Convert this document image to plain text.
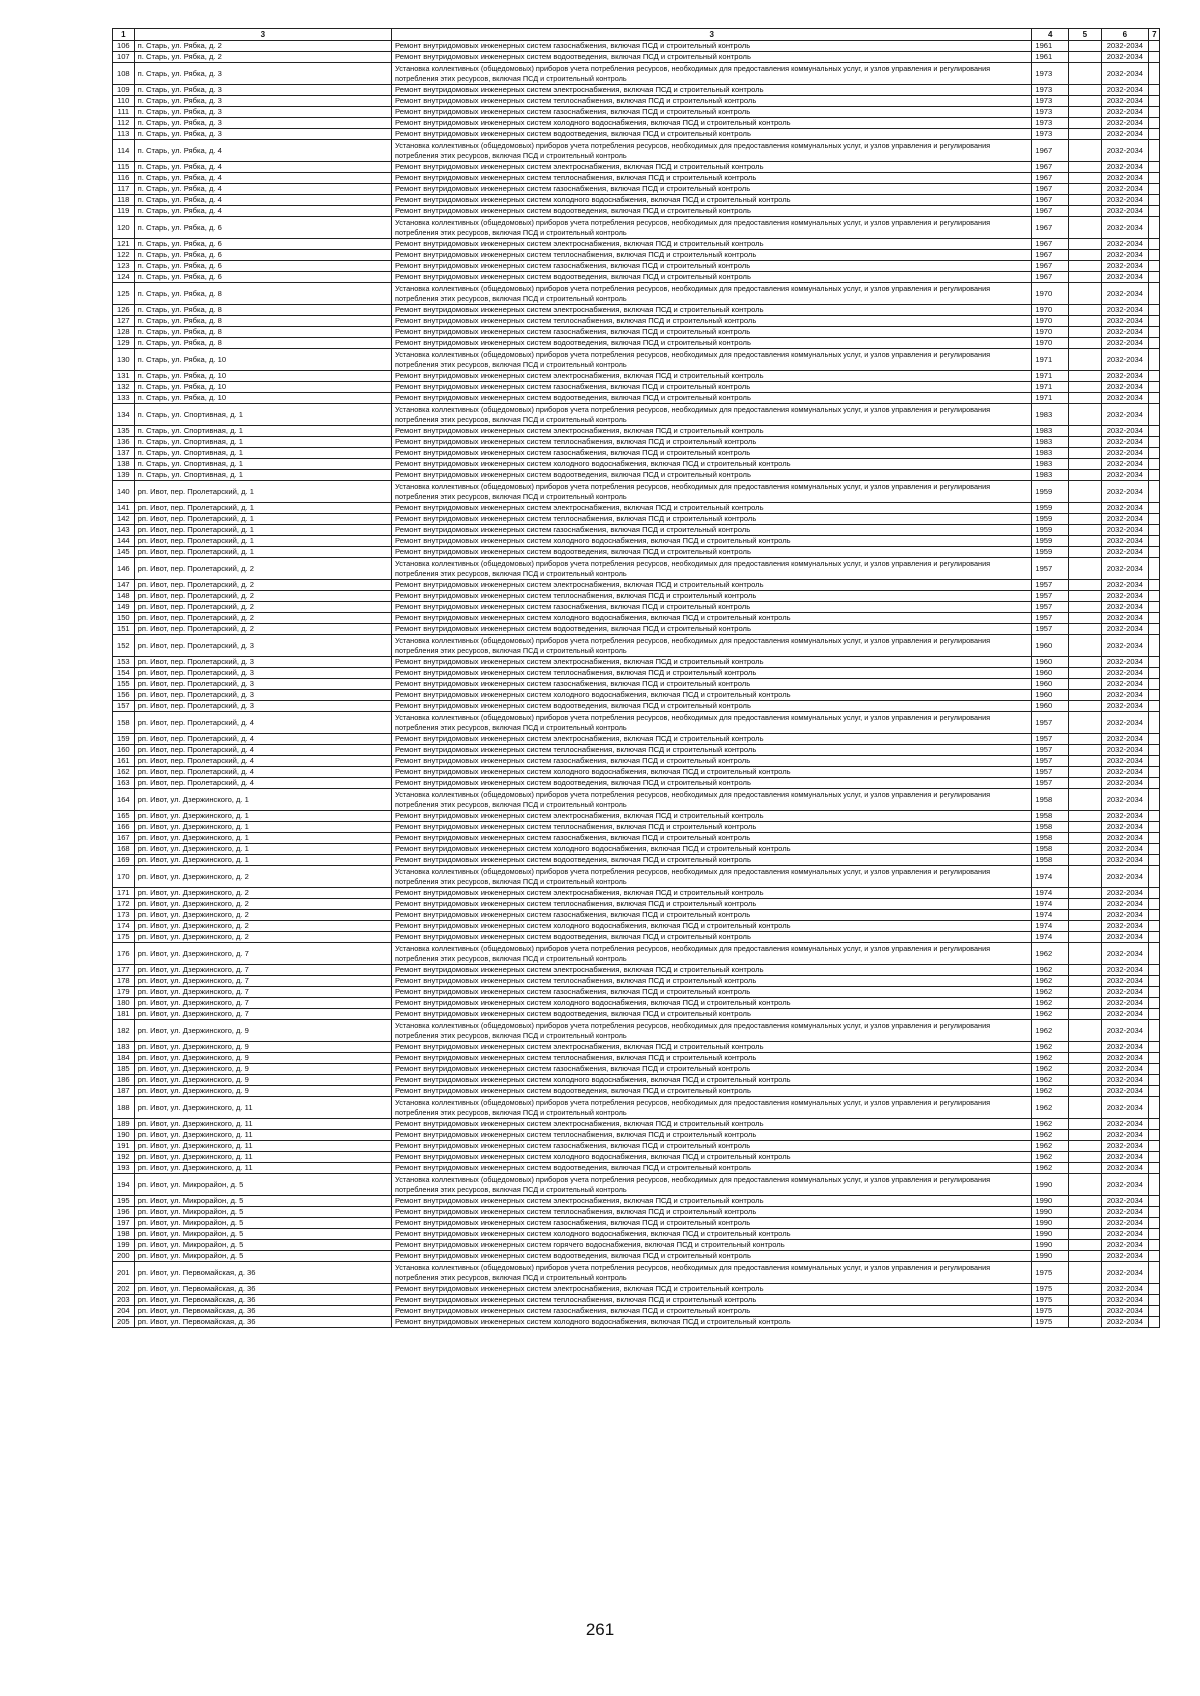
1	3	3	4	5	6	7
106	п. Старь, ул. Рябка, д. 2	Ремонт внутридомовых инженерных систем газоснабжения, включая ПСД и строительный контроль	1961		2032-2034	
107	п. Старь, ул. Рябка, д. 2	Ремонт внутридомовых инженерных систем водоотведения, включая ПСД и строительный контроль	1961		2032-2034	
108	п. Старь, ул. Рябка, д. 3	Установка коллективных (общедомовых) приборов учета потребления ресурсов, необходимых для предоставления коммунальных услуг, и узлов управления и регулирования потребления этих ресурсов, включая ПСД и строительный контроль	1973		2032-2034	
109	п. Старь, ул. Рябка, д. 3	Ремонт внутридомовых инженерных систем электроснабжения, включая ПСД и строительный контроль	1973		2032-2034	
110	п. Старь, ул. Рябка, д. 3	Ремонт внутридомовых инженерных систем теплоснабжения, включая ПСД и строительный контроль	1973		2032-2034	
111	п. Старь, ул. Рябка, д. 3	Ремонт внутридомовых инженерных систем газоснабжения, включая ПСД и строительный контроль	1973		2032-2034	
112	п. Старь, ул. Рябка, д. 3	Ремонт внутридомовых инженерных систем холодного водоснабжения, включая ПСД и строительный контроль	1973		2032-2034	
113	п. Старь, ул. Рябка, д. 3	Ремонт внутридомовых инженерных систем водоотведения, включая ПСД и строительный контроль	1973		2032-2034	
114	п. Старь, ул. Рябка, д. 4	Установка коллективных (общедомовых) приборов учета потребления ресурсов, необходимых для предоставления коммунальных услуг, и узлов управления и регулирования потребления этих ресурсов, включая ПСД и строительный контроль	1967		2032-2034	
115	п. Старь, ул. Рябка, д. 4	Ремонт внутридомовых инженерных систем электроснабжения, включая ПСД и строительный контроль	1967		2032-2034	
116	п. Старь, ул. Рябка, д. 4	Ремонт внутридомовых инженерных систем теплоснабжения, включая ПСД и строительный контроль	1967		2032-2034	
117	п. Старь, ул. Рябка, д. 4	Ремонт внутридомовых инженерных систем газоснабжения, включая ПСД и строительный контроль	1967		2032-2034	
118	п. Старь, ул. Рябка, д. 4	Ремонт внутридомовых инженерных систем холодного водоснабжения, включая ПСД и строительный контроль	1967		2032-2034	
119	п. Старь, ул. Рябка, д. 4	Ремонт внутридомовых инженерных систем водоотведения, включая ПСД и строительный контроль	1967		2032-2034	
120	п. Старь, ул. Рябка, д. 6	Установка коллективных (общедомовых) приборов учета потребления ресурсов, необходимых для предоставления коммунальных услуг, и узлов управления и регулирования потребления этих ресурсов, включая ПСД и строительный контроль	1967		2032-2034	
121	п. Старь, ул. Рябка, д. 6	Ремонт внутридомовых инженерных систем электроснабжения, включая ПСД и строительный контроль	1967		2032-2034	
122	п. Старь, ул. Рябка, д. 6	Ремонт внутридомовых инженерных систем теплоснабжения, включая ПСД и строительный контроль	1967		2032-2034	
123	п. Старь, ул. Рябка, д. 6	Ремонт внутридомовых инженерных систем газоснабжения, включая ПСД и строительный контроль	1967		2032-2034	
124	п. Старь, ул. Рябка, д. 6	Ремонт внутридомовых инженерных систем водоотведения, включая ПСД и строительный контроль	1967		2032-2034	
125	п. Старь, ул. Рябка, д. 8	Установка коллективных (общедомовых) приборов учета потребления ресурсов, необходимых для предоставления коммунальных услуг, и узлов управления и регулирования потребления этих ресурсов, включая ПСД и строительный контроль	1970		2032-2034	
126	п. Старь, ул. Рябка, д. 8	Ремонт внутридомовых инженерных систем электроснабжения, включая ПСД и строительный контроль	1970		2032-2034	
127	п. Старь, ул. Рябка, д. 8	Ремонт внутридомовых инженерных систем теплоснабжения, включая ПСД и строительный контроль	1970		2032-2034	
128	п. Старь, ул. Рябка, д. 8	Ремонт внутридомовых инженерных систем газоснабжения, включая ПСД и строительный контроль	1970		2032-2034	
129	п. Старь, ул. Рябка, д. 8	Ремонт внутридомовых инженерных систем водоотведения, включая ПСД и строительный контроль	1970		2032-2034	
130	п. Старь, ул. Рябка, д. 10	Установка коллективных (общедомовых) приборов учета потребления ресурсов, необходимых для предоставления коммунальных услуг, и узлов управления и регулирования потребления этих ресурсов, включая ПСД и строительный контроль	1971		2032-2034	
131	п. Старь, ул. Рябка, д. 10	Ремонт внутридомовых инженерных систем электроснабжения, включая ПСД и строительный контроль	1971		2032-2034	
132	п. Старь, ул. Рябка, д. 10	Ремонт внутридомовых инженерных систем газоснабжения, включая ПСД и строительный контроль	1971		2032-2034	
133	п. Старь, ул. Рябка, д. 10	Ремонт внутридомовых инженерных систем водоотведения, включая ПСД и строительный контроль	1971		2032-2034	
134	п. Старь, ул. Спортивная, д. 1	Установка коллективных (общедомовых) приборов учета потребления ресурсов, необходимых для предоставления коммунальных услуг, и узлов управления и регулирования потребления этих ресурсов, включая ПСД и строительный контроль	1983		2032-2034	
135	п. Старь, ул. Спортивная, д. 1	Ремонт внутридомовых инженерных систем электроснабжения, включая ПСД и строительный контроль	1983		2032-2034	
136	п. Старь, ул. Спортивная, д. 1	Ремонт внутридомовых инженерных систем теплоснабжения, включая ПСД и строительный контроль	1983		2032-2034	
137	п. Старь, ул. Спортивная, д. 1	Ремонт внутридомовых инженерных систем газоснабжения, включая ПСД и строительный контроль	1983		2032-2034	
138	п. Старь, ул. Спортивная, д. 1	Ремонт внутридомовых инженерных систем холодного водоснабжения, включая ПСД и строительный контроль	1983		2032-2034	
139	п. Старь, ул. Спортивная, д. 1	Ремонт внутридомовых инженерных систем водоотведения, включая ПСД и строительный контроль	1983		2032-2034	
140	рп. Ивот, пер. Пролетарский, д. 1	Установка коллективных (общедомовых) приборов учета потребления ресурсов, необходимых для предоставления коммунальных услуг, и узлов управления и регулирования потребления этих ресурсов, включая ПСД и строительный контроль	1959		2032-2034	
141	рп. Ивот, пер. Пролетарский, д. 1	Ремонт внутридомовых инженерных систем электроснабжения, включая ПСД и строительный контроль	1959		2032-2034	
142	рп. Ивот, пер. Пролетарский, д. 1	Ремонт внутридомовых инженерных систем теплоснабжения, включая ПСД и строительный контроль	1959		2032-2034	
143	рп. Ивот, пер. Пролетарский, д. 1	Ремонт внутридомовых инженерных систем газоснабжения, включая ПСД и строительный контроль	1959		2032-2034	
144	рп. Ивот, пер. Пролетарский, д. 1	Ремонт внутридомовых инженерных систем холодного водоснабжения, включая ПСД и строительный контроль	1959		2032-2034	
145	рп. Ивот, пер. Пролетарский, д. 1	Ремонт внутридомовых инженерных систем водоотведения, включая ПСД и строительный контроль	1959		2032-2034	
146	рп. Ивот, пер. Пролетарский, д. 2	Установка коллективных (общедомовых) приборов учета потребления ресурсов, необходимых для предоставления коммунальных услуг, и узлов управления и регулирования потребления этих ресурсов, включая ПСД и строительный контроль	1957		2032-2034	
147	рп. Ивот, пер. Пролетарский, д. 2	Ремонт внутридомовых инженерных систем электроснабжения, включая ПСД и строительный контроль	1957		2032-2034	
148	рп. Ивот, пер. Пролетарский, д. 2	Ремонт внутридомовых инженерных систем теплоснабжения, включая ПСД и строительный контроль	1957		2032-2034	
149	рп. Ивот, пер. Пролетарский, д. 2	Ремонт внутридомовых инженерных систем газоснабжения, включая ПСД и строительный контроль	1957		2032-2034	
150	рп. Ивот, пер. Пролетарский, д. 2	Ремонт внутридомовых инженерных систем холодного водоснабжения, включая ПСД и строительный контроль	1957		2032-2034	
151	рп. Ивот, пер. Пролетарский, д. 2	Ремонт внутридомовых инженерных систем водоотведения, включая ПСД и строительный контроль	1957		2032-2034	
152	рп. Ивот, пер. Пролетарский, д. 3	Установка коллективных (общедомовых) приборов учета потребления ресурсов, необходимых для предоставления коммунальных услуг, и узлов управления и регулирования потребления этих ресурсов, включая ПСД и строительный контроль	1960		2032-2034	
153	рп. Ивот, пер. Пролетарский, д. 3	Ремонт внутридомовых инженерных систем электроснабжения, включая ПСД и строительный контроль	1960		2032-2034	
154	рп. Ивот, пер. Пролетарский, д. 3	Ремонт внутридомовых инженерных систем теплоснабжения, включая ПСД и строительный контроль	1960		2032-2034	
155	рп. Ивот, пер. Пролетарский, д. 3	Ремонт внутридомовых инженерных систем газоснабжения, включая ПСД и строительный контроль	1960		2032-2034	
156	рп. Ивот, пер. Пролетарский, д. 3	Ремонт внутридомовых инженерных систем холодного водоснабжения, включая ПСД и строительный контроль	1960		2032-2034	
157	рп. Ивот, пер. Пролетарский, д. 3	Ремонт внутридомовых инженерных систем водоотведения, включая ПСД и строительный контроль	1960		2032-2034	
158	рп. Ивот, пер. Пролетарский, д. 4	Установка коллективных (общедомовых) приборов учета потребления ресурсов, необходимых для предоставления коммунальных услуг, и узлов управления и регулирования потребления этих ресурсов, включая ПСД и строительный контроль	1957		2032-2034	
159	рп. Ивот, пер. Пролетарский, д. 4	Ремонт внутридомовых инженерных систем электроснабжения, включая ПСД и строительный контроль	1957		2032-2034	
160	рп. Ивот, пер. Пролетарский, д. 4	Ремонт внутридомовых инженерных систем теплоснабжения, включая ПСД и строительный контроль	1957		2032-2034	
161	рп. Ивот, пер. Пролетарский, д. 4	Ремонт внутридомовых инженерных систем газоснабжения, включая ПСД и строительный контроль	1957		2032-2034	
162	рп. Ивот, пер. Пролетарский, д. 4	Ремонт внутридомовых инженерных систем холодного водоснабжения, включая ПСД и строительный контроль	1957		2032-2034	
163	рп. Ивот, пер. Пролетарский, д. 4	Ремонт внутридомовых инженерных систем водоотведения, включая ПСД и строительный контроль	1957		2032-2034	
164	рп. Ивот, ул. Дзержинского, д. 1	Установка коллективных (общедомовых) приборов учета потребления ресурсов, необходимых для предоставления коммунальных услуг, и узлов управления и регулирования потребления этих ресурсов, включая ПСД и строительный контроль	1958		2032-2034	
165	рп. Ивот, ул. Дзержинского, д. 1	Ремонт внутридомовых инженерных систем электроснабжения, включая ПСД и строительный контроль	1958		2032-2034	
166	рп. Ивот, ул. Дзержинского, д. 1	Ремонт внутридомовых инженерных систем теплоснабжения, включая ПСД и строительный контроль	1958		2032-2034	
167	рп. Ивот, ул. Дзержинского, д. 1	Ремонт внутридомовых инженерных систем газоснабжения, включая ПСД и строительный контроль	1958		2032-2034	
168	рп. Ивот, ул. Дзержинского, д. 1	Ремонт внутридомовых инженерных систем холодного водоснабжения, включая ПСД и строительный контроль	1958		2032-2034	
169	рп. Ивот, ул. Дзержинского, д. 1	Ремонт внутридомовых инженерных систем водоотведения, включая ПСД и строительный контроль	1958		2032-2034	
170	рп. Ивот, ул. Дзержинского, д. 2	Установка коллективных (общедомовых) приборов учета потребления ресурсов, необходимых для предоставления коммунальных услуг, и узлов управления и регулирования потребления этих ресурсов, включая ПСД и строительный контроль	1974		2032-2034	
171	рп. Ивот, ул. Дзержинского, д. 2	Ремонт внутридомовых инженерных систем электроснабжения, включая ПСД и строительный контроль	1974		2032-2034	
172	рп. Ивот, ул. Дзержинского, д. 2	Ремонт внутридомовых инженерных систем теплоснабжения, включая ПСД и строительный контроль	1974		2032-2034	
173	рп. Ивот, ул. Дзержинского, д. 2	Ремонт внутридомовых инженерных систем газоснабжения, включая ПСД и строительный контроль	1974		2032-2034	
174	рп. Ивот, ул. Дзержинского, д. 2	Ремонт внутридомовых инженерных систем холодного водоснабжения, включая ПСД и строительный контроль	1974		2032-2034	
175	рп. Ивот, ул. Дзержинского, д. 2	Ремонт внутридомовых инженерных систем водоотведения, включая ПСД и строительный контроль	1974		2032-2034	
176	рп. Ивот, ул. Дзержинского, д. 7	Установка коллективных (общедомовых) приборов учета потребления ресурсов, необходимых для предоставления коммунальных услуг, и узлов управления и регулирования потребления этих ресурсов, включая ПСД и строительный контроль	1962		2032-2034	
177	рп. Ивот, ул. Дзержинского, д. 7	Ремонт внутридомовых инженерных систем электроснабжения, включая ПСД и строительный контроль	1962		2032-2034	
178	рп. Ивот, ул. Дзержинского, д. 7	Ремонт внутридомовых инженерных систем теплоснабжения, включая ПСД и строительный контроль	1962		2032-2034	
179	рп. Ивот, ул. Дзержинского, д. 7	Ремонт внутридомовых инженерных систем газоснабжения, включая ПСД и строительный контроль	1962		2032-2034	
180	рп. Ивот, ул. Дзержинского, д. 7	Ремонт внутридомовых инженерных систем холодного водоснабжения, включая ПСД и строительный контроль	1962		2032-2034	
181	рп. Ивот, ул. Дзержинского, д. 7	Ремонт внутридомовых инженерных систем водоотведения, включая ПСД и строительный контроль	1962		2032-2034	
182	рп. Ивот, ул. Дзержинского, д. 9	Установка коллективных (общедомовых) приборов учета потребления ресурсов, необходимых для предоставления коммунальных услуг, и узлов управления и регулирования потребления этих ресурсов, включая ПСД и строительный контроль	1962		2032-2034	
183	рп. Ивот, ул. Дзержинского, д. 9	Ремонт внутридомовых инженерных систем электроснабжения, включая ПСД и строительный контроль	1962		2032-2034	
184	рп. Ивот, ул. Дзержинского, д. 9	Ремонт внутридомовых инженерных систем теплоснабжения, включая ПСД и строительный контроль	1962		2032-2034	
185	рп. Ивот, ул. Дзержинского, д. 9	Ремонт внутридомовых инженерных систем газоснабжения, включая ПСД и строительный контроль	1962		2032-2034	
186	рп. Ивот, ул. Дзержинского, д. 9	Ремонт внутридомовых инженерных систем холодного водоснабжения, включая ПСД и строительный контроль	1962		2032-2034	
187	рп. Ивот, ул. Дзержинского, д. 9	Ремонт внутридомовых инженерных систем водоотведения, включая ПСД и строительный контроль	1962		2032-2034	
188	рп. Ивот, ул. Дзержинского, д. 11	Установка коллективных (общедомовых) приборов учета потребления ресурсов, необходимых для предоставления коммунальных услуг, и узлов управления и регулирования потребления этих ресурсов, включая ПСД и строительный контроль	1962		2032-2034	
189	рп. Ивот, ул. Дзержинского, д. 11	Ремонт внутридомовых инженерных систем электроснабжения, включая ПСД и строительный контроль	1962		2032-2034	
190	рп. Ивот, ул. Дзержинского, д. 11	Ремонт внутридомовых инженерных систем теплоснабжения, включая ПСД и строительный контроль	1962		2032-2034	
191	рп. Ивот, ул. Дзержинского, д. 11	Ремонт внутридомовых инженерных систем газоснабжения, включая ПСД и строительный контроль	1962		2032-2034	
192	рп. Ивот, ул. Дзержинского, д. 11	Ремонт внутридомовых инженерных систем холодного водоснабжения, включая ПСД и строительный контроль	1962		2032-2034	
193	рп. Ивот, ул. Дзержинского, д. 11	Ремонт внутридомовых инженерных систем водоотведения, включая ПСД и строительный контроль	1962		2032-2034	
194	рп. Ивот, ул. Микрорайон, д. 5	Установка коллективных (общедомовых) приборов учета потребления ресурсов, необходимых для предоставления коммунальных услуг, и узлов управления и регулирования потребления этих ресурсов, включая ПСД и строительный контроль	1990		2032-2034	
195	рп. Ивот, ул. Микрорайон, д. 5	Ремонт внутридомовых инженерных систем электроснабжения, включая ПСД и строительный контроль	1990		2032-2034	
196	рп. Ивот, ул. Микрорайон, д. 5	Ремонт внутридомовых инженерных систем теплоснабжения, включая ПСД и строительный контроль	1990		2032-2034	
197	рп. Ивот, ул. Микрорайон, д. 5	Ремонт внутридомовых инженерных систем газоснабжения, включая ПСД и строительный контроль	1990		2032-2034	
198	рп. Ивот, ул. Микрорайон, д. 5	Ремонт внутридомовых инженерных систем холодного водоснабжения, включая ПСД и строительный контроль	1990		2032-2034	
199	рп. Ивот, ул. Микрорайон, д. 5	Ремонт внутридомовых инженерных систем горячего водоснабжения, включая ПСД и строительный контроль	1990		2032-2034	
200	рп. Ивот, ул. Микрорайон, д. 5	Ремонт внутридомовых инженерных систем водоотведения, включая ПСД и строительный контроль	1990		2032-2034	
201	рп. Ивот, ул. Первомайская, д. 36	Установка коллективных (общедомовых) приборов учета потребления ресурсов, необходимых для предоставления коммунальных услуг, и узлов управления и регулирования потребления этих ресурсов, включая ПСД и строительный контроль	1975		2032-2034	
202	рп. Ивот, ул. Первомайская, д. 36	Ремонт внутридомовых инженерных систем электроснабжения, включая ПСД и строительный контроль	1975		2032-2034	
203	рп. Ивот, ул. Первомайская, д. 36	Ремонт внутридомовых инженерных систем теплоснабжения, включая ПСД и строительный контроль	1975		2032-2034	
204	рп. Ивот, ул. Первомайская, д. 36	Ремонт внутридомовых инженерных систем газоснабжения, включая ПСД и строительный контроль	1975		2032-2034	
205	рп. Ивот, ул. Первомайская, д. 36	Ремонт внутридомовых инженерных систем холодного водоснабжения, включая ПСД и строительный контроль	1975		2032-2034	
261
